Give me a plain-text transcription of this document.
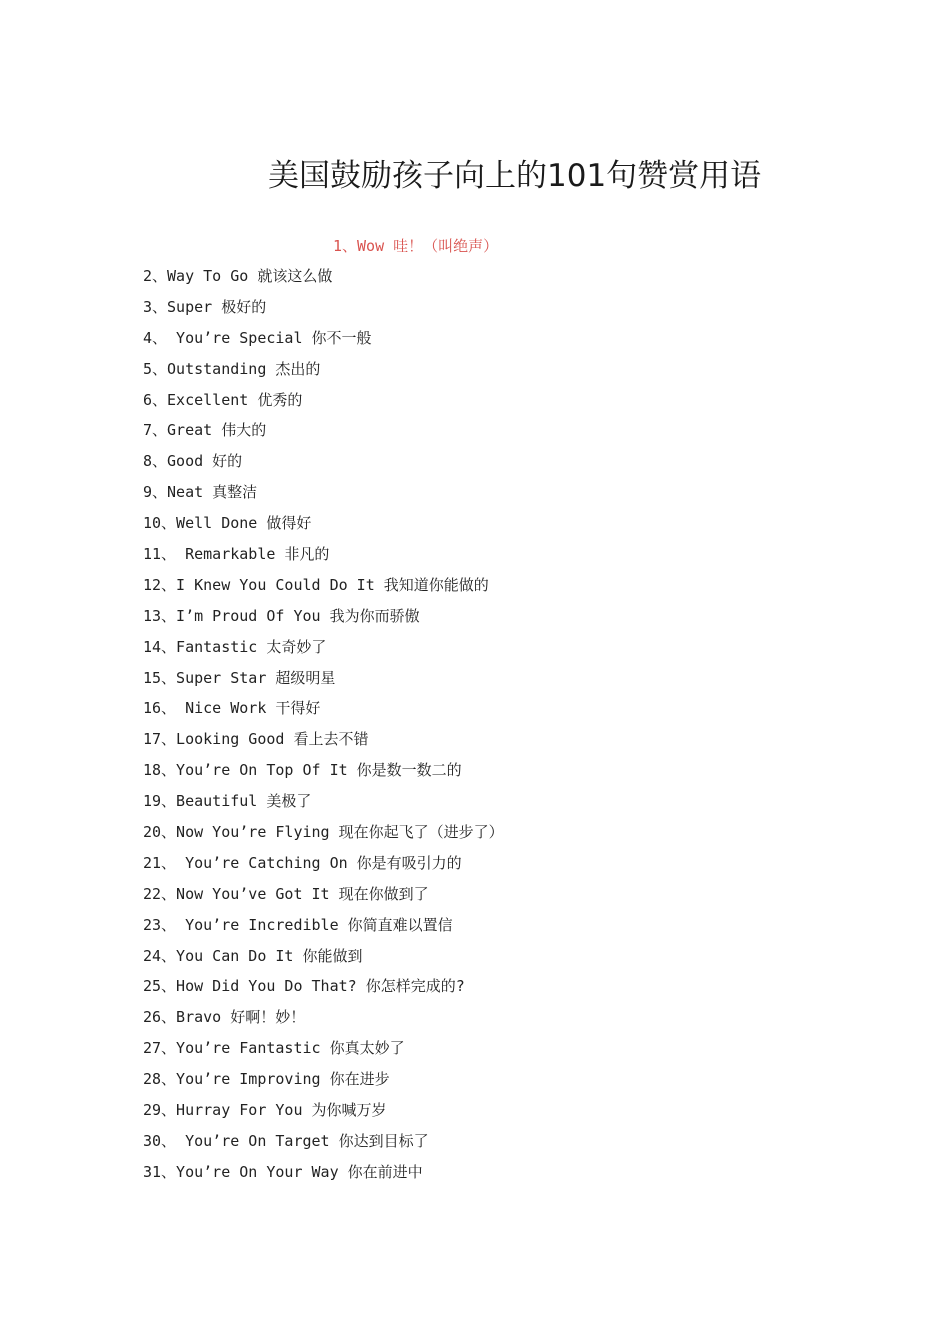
美国鼓励孩子向上的101句赞赏用语
1、Wow 哇！（叫绝声）
2、Way To Go 就该这么做
3、Super 极好的
4、 You’re Special 你不一般
5、Outstanding 杰出的
6、Excellent 优秀的
7、Great 伟大的
8、Good 好的
9、Neat 真整洁
10、Well Done 做得好
11、 Remarkable 非凡的
12、I Knew You Could Do It 我知道你能做的
13、I’m Proud Of You 我为你而骄傲
14、Fantastic 太奇妙了
15、Super Star 超级明星
16、 Nice Work 干得好
17、Looking Good 看上去不错
18、You’re On Top Of It 你是数一数二的
19、Beautiful 美极了
20、Now You’re Flying 现在你起飞了（进步了）
21、 You’re Catching On 你是有吸引力的
22、Now You’ve Got It 现在你做到了
23、 You’re Incredible 你简直难以置信
24、You Can Do It 你能做到
25、How Did You Do That? 你怎样完成的?
26、Bravo 好啊！妙！
27、You’re Fantastic 你真太妙了
28、You’re Improving 你在进步
29、Hurray For You 为你喊万岁
30、 You’re On Target 你达到目标了
31、You’re On Your Way 你在前进中
